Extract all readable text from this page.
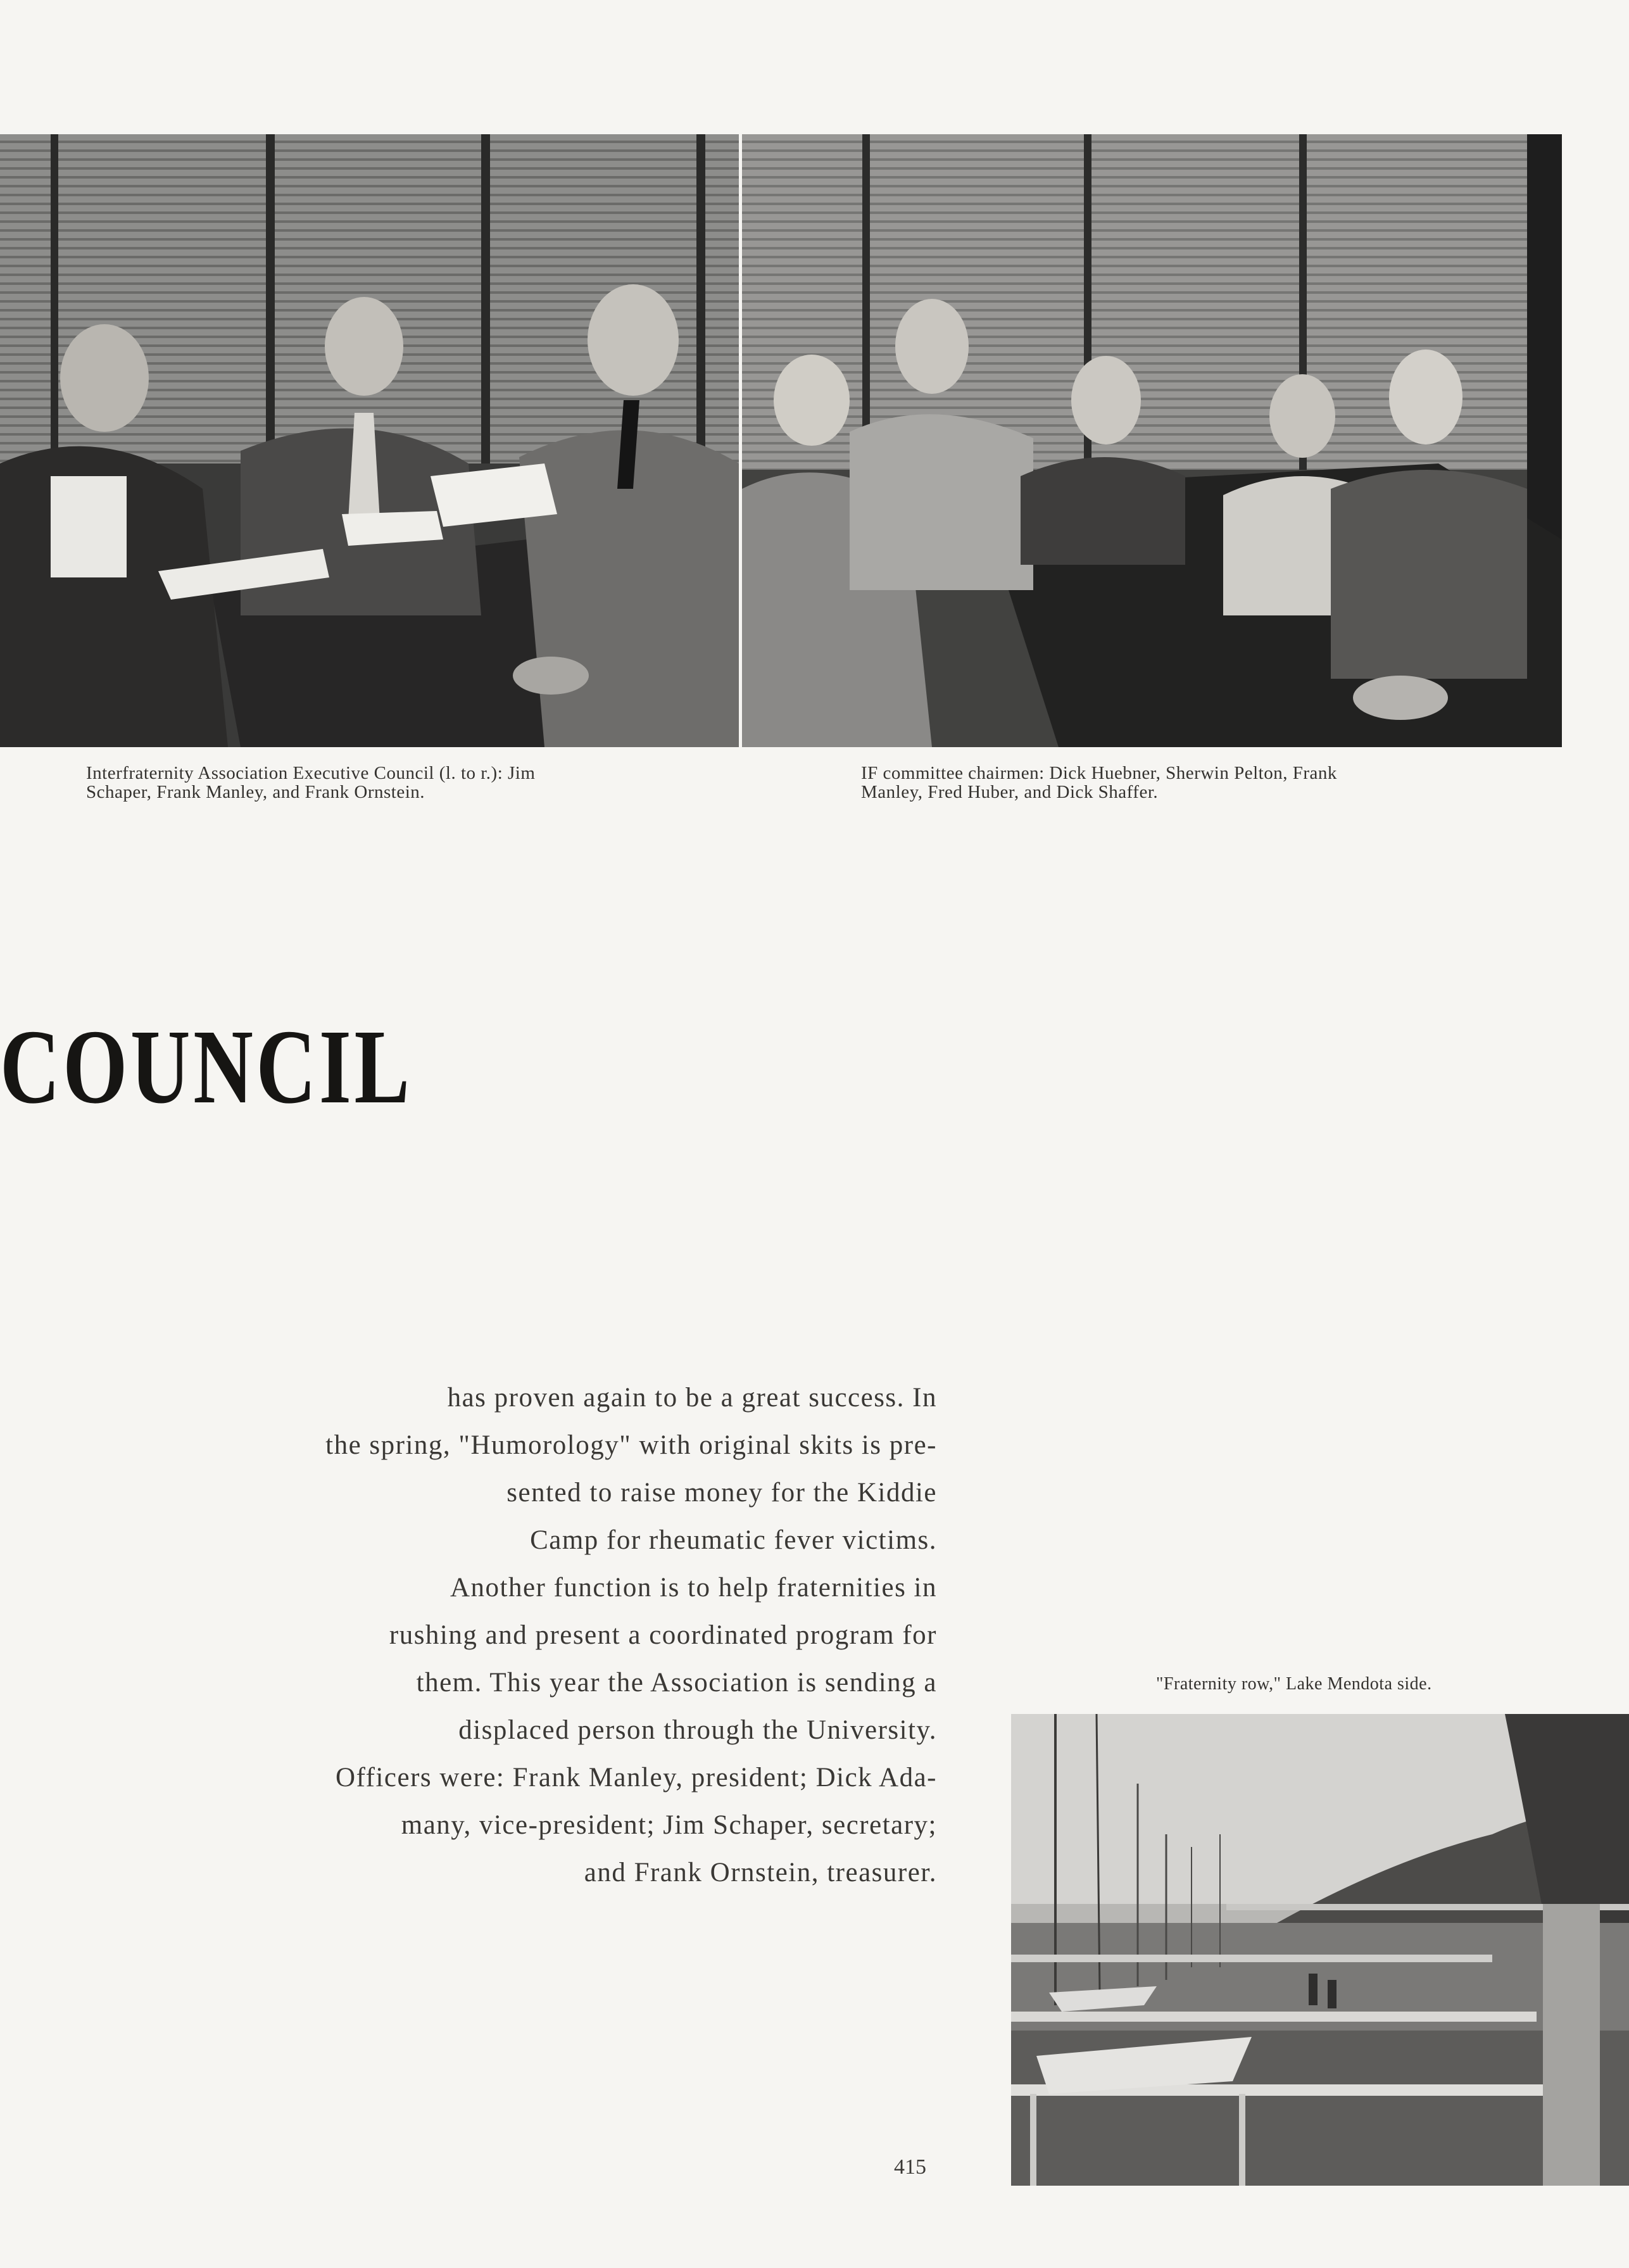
Interfraternity Association Executive Council (l. to r.): Jim
Schaper, Frank Manley, and Frank Ornstein.
IF committee chairmen: Dick Huebner, Sherwin Pelton, Frank
Manley, Fred Huber, and Dick Shaffer.
COUNCIL
has proven again to be a great success. In
the spring, "Humorology" with original skits is pre-
sented to raise money for the Kiddie
Camp for rheumatic fever victims.
Another function is to help fraternities in
rushing and present a coordinated program for
them. This year the Association is sending a
displaced person through the University.
Officers were: Frank Manley, president; Dick Ada-
many, vice-president; Jim Schaper, secretary;
and Frank Ornstein, treasurer.
"Fraternity row," Lake Mendota side.
415
